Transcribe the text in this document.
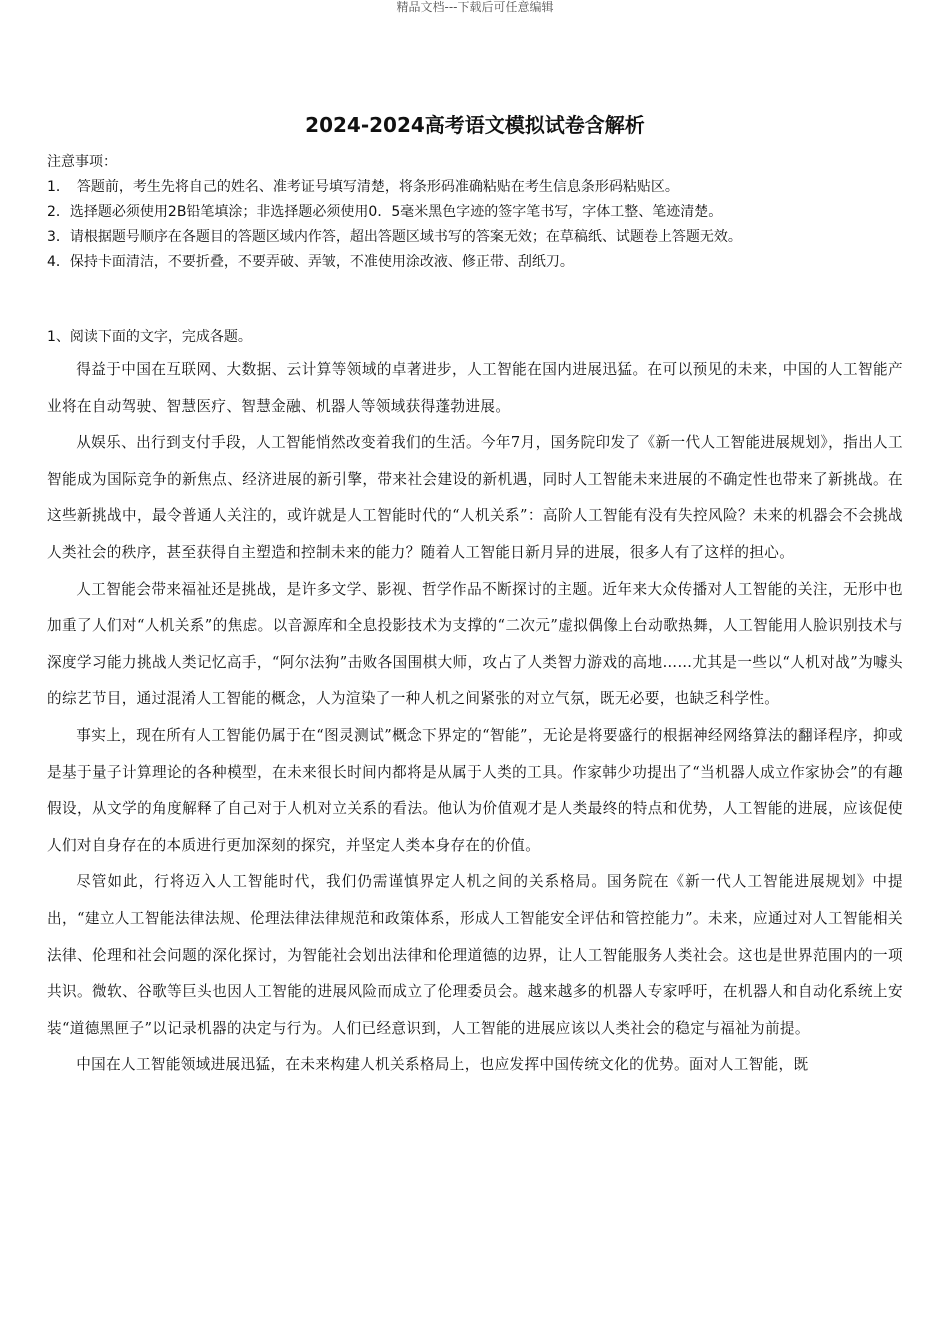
精品文档---下载后可任意编辑
2024-2024高考语文模拟试卷含解析

注意事项：

1．　答题前，考生先将自己的姓名、准考证号填写清楚，将条形码准确粘贴在考生信息条形码粘贴区。

2．选择题必须使用2B铅笔填涂；非选择题必须使用0．5毫米黑色字迹的签字笔书写，字体工整、笔迹清楚。

3．请根据题号顺序在各题目的答题区域内作答，超出答题区域书写的答案无效；在草稿纸、试题卷上答题无效。

4．保持卡面清洁，不要折叠，不要弄破、弄皱，不准使用涂改液、修正带、刮纸刀。

1、阅读下面的文字，完成各题。

得益于中国在互联网、大数据、云计算等领域的卓著进步，人工智能在国内进展迅猛。在可以预见的未来，中国的人工智能产业将在自动驾驶、智慧医疗、智慧金融、机器人等领域获得蓬勃进展。

从娱乐、出行到支付手段，人工智能悄然改变着我们的生活。今年7月，国务院印发了《新一代人工智能进展规划》，指出人工智能成为国际竞争的新焦点、经济进展的新引擎，带来社会建设的新机遇，同时人工智能未来进展的不确定性也带来了新挑战。在这些新挑战中，最令普通人关注的，或许就是人工智能时代的“人机关系”：高阶人工智能有没有失控风险？未来的机器会不会挑战人类社会的秩序，甚至获得自主塑造和控制未来的能力？随着人工智能日新月异的进展，很多人有了这样的担心。

人工智能会带来福祉还是挑战，是许多文学、影视、哲学作品不断探讨的主题。近年来大众传播对人工智能的关注，无形中也加重了人们对“人机关系”的焦虑。以音源库和全息投影技术为支撑的“二次元”虚拟偶像上台动歌热舞，人工智能用人脸识别技术与深度学习能力挑战人类记忆高手，“阿尔法狗”击败各国围棋大师，攻占了人类智力游戏的高地……尤其是一些以“人机对战”为噱头的综艺节目，通过混淆人工智能的概念，人为渲染了一种人机之间紧张的对立气氛，既无必要，也缺乏科学性。

事实上，现在所有人工智能仍属于在“图灵测试”概念下界定的“智能”，无论是将要盛行的根据神经网络算法的翻译程序，抑或是基于量子计算理论的各种模型，在未来很长时间内都将是从属于人类的工具。作家韩少功提出了“当机器人成立作家协会”的有趣假设，从文学的角度解释了自己对于人机对立关系的看法。他认为价值观才是人类最终的特点和优势，人工智能的进展，应该促使人们对自身存在的本质进行更加深刻的探究，并坚定人类本身存在的价值。

尽管如此，行将迈入人工智能时代，我们仍需谨慎界定人机之间的关系格局。国务院在《新一代人工智能进展规划》中提出，“建立人工智能法律法规、伦理法律法律规范和政策体系，形成人工智能安全评估和管控能力”。未来，应通过对人工智能相关法律、伦理和社会问题的深化探讨，为智能社会划出法律和伦理道德的边界，让人工智能服务人类社会。这也是世界范围内的一项共识。微软、谷歌等巨头也因人工智能的进展风险而成立了伦理委员会。越来越多的机器人专家呼吁，在机器人和自动化系统上安装“道德黑匣子”以记录机器的决定与行为。人们已经意识到，人工智能的进展应该以人类社会的稳定与福祉为前提。

中国在人工智能领域进展迅猛，在未来构建人机关系格局上，也应发挥中国传统文化的优势。面对人工智能，既
